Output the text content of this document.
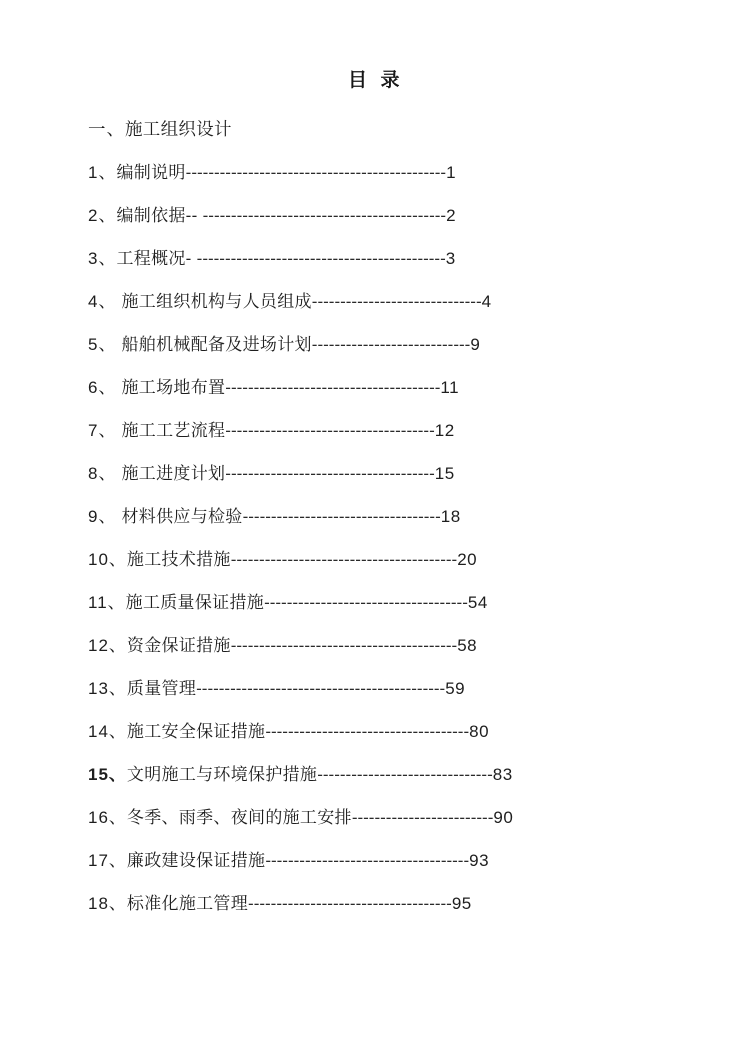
目  录
一、施工组织设计
1、编制说明----------------------------------------------1
2、编制依据-- -------------------------------------------2
3、工程概况- --------------------------------------------3
4、 施工组织机构与人员组成------------------------------4
5、 船舶机械配备及进场计划----------------------------9
6、 施工场地布置--------------------------------------11
7、 施工工艺流程-------------------------------------12
8、 施工进度计划-------------------------------------15
9、 材料供应与检验-----------------------------------18
10、施工技术措施----------------------------------------20
11、施工质量保证措施------------------------------------54
12、资金保证措施----------------------------------------58
13、质量管理--------------------------------------------59
14、施工安全保证措施------------------------------------80
15、文明施工与环境保护措施-------------------------------83
16、冬季、雨季、夜间的施工安排-------------------------90
17、廉政建设保证措施------------------------------------93
18、标准化施工管理------------------------------------95
